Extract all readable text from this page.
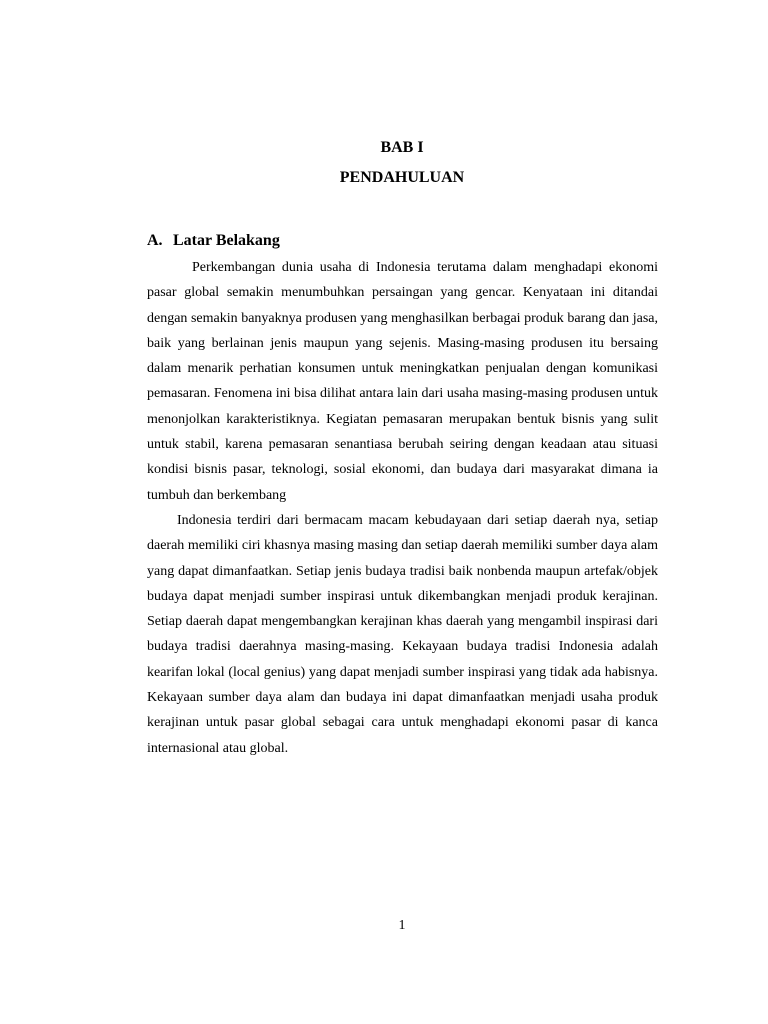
BAB I
PENDAHULUAN
A. Latar Belakang

Perkembangan dunia usaha di Indonesia terutama dalam menghadapi ekonomi pasar global semakin menumbuhkan persaingan yang gencar. Kenyataan ini ditandai dengan semakin banyaknya produsen yang menghasilkan berbagai produk barang dan jasa, baik yang berlainan jenis maupun yang sejenis. Masing-masing produsen itu bersaing dalam menarik perhatian konsumen untuk meningkatkan penjualan dengan komunikasi pemasaran. Fenomena ini bisa dilihat antara lain dari usaha masing-masing produsen untuk menonjolkan karakteristiknya. Kegiatan pemasaran merupakan bentuk bisnis yang sulit untuk stabil, karena pemasaran senantiasa berubah seiring dengan keadaan atau situasi kondisi bisnis pasar, teknologi, sosial ekonomi, dan budaya dari masyarakat dimana ia tumbuh dan berkembang

Indonesia terdiri dari bermacam macam kebudayaan dari setiap daerah nya, setiap daerah memiliki ciri khasnya masing masing dan setiap daerah memiliki sumber daya alam yang dapat dimanfaatkan. Setiap jenis budaya tradisi baik nonbenda maupun artefak/objek budaya dapat menjadi sumber inspirasi untuk dikembangkan menjadi produk kerajinan. Setiap daerah dapat mengembangkan kerajinan khas daerah yang mengambil inspirasi dari budaya tradisi daerahnya masing-masing. Kekayaan budaya tradisi Indonesia adalah kearifan lokal (local genius) yang dapat menjadi sumber inspirasi yang tidak ada habisnya. Kekayaan sumber daya alam dan budaya ini dapat dimanfaatkan menjadi usaha produk kerajinan untuk pasar global sebagai cara untuk menghadapi ekonomi pasar di kanca internasional atau global.

1
